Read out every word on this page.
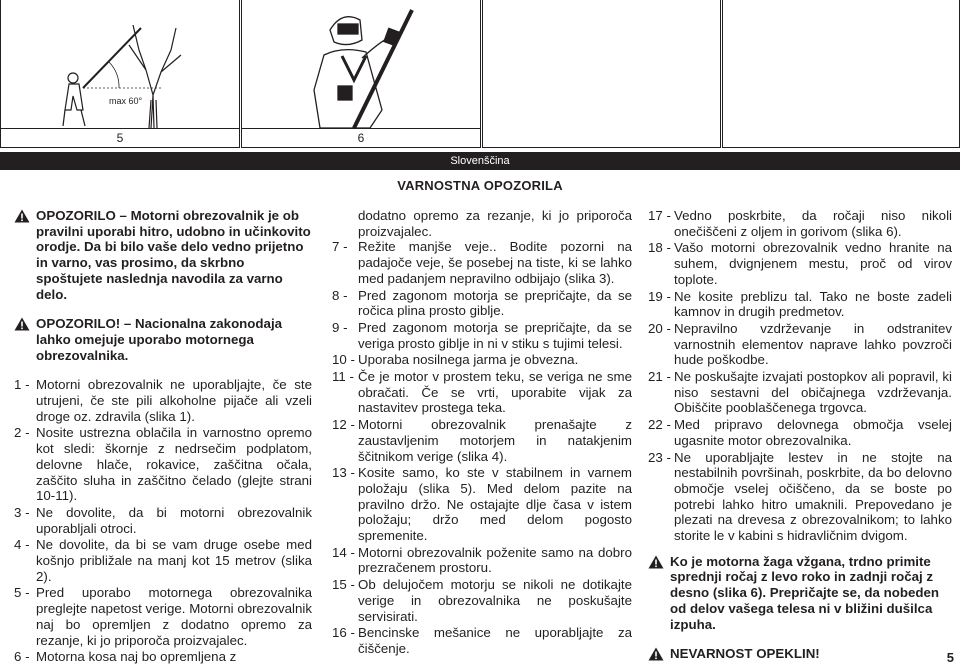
max 60°
5	6
Slovenščina
VARNOSTNA OPOZORILA
OPOZORILO – Motorni obrezovalnik je ob pravilni uporabi hitro, udobno in učinkovito orodje. Da bi bilo vaše delo vedno prijetno in varno, vas prosimo, da skrbno spoštujete naslednja navodila za varno delo.
OPOZORILO! – Nacionalna zakonodaja lahko omejuje uporabo motornega obrezovalnika.
1 - Motorni obrezovalnik ne uporabljajte, če ste utrujeni, če ste pili alkoholne pijače ali vzeli droge oz. zdravila (slika 1).
2 - Nosite ustrezna oblačila in varnostno opremo kot sledi: škornje z nedrsečim podplatom, delovne hlače, rokavice, zaščitna očala, zaščito sluha in zaščitno čelado (glejte strani 10-11).
3 - Ne dovolite, da bi motorni obrezovalnik uporabljali otroci.
4 - Ne dovolite, da bi se vam druge osebe med košnjo približale na manj kot 15 metrov (slika 2).
5 - Pred uporabo motornega obrezovalnika preglejte napetost verige. Motorni obrezovalnik naj bo opremljen z dodatno opremo za rezanje, ki jo priporoča proizvajalec.
6 - Motorna kosa naj bo opremljena z
dodatno opremo za rezanje, ki jo priporoča proizvajalec.
7 - Režite manjše veje.. Bodite pozorni na padajoče veje, še posebej na tiste, ki se lahko med padanjem nepravilno odbijajo (slika 3).
8 - Pred zagonom motorja se prepričajte, da se ročica plina prosto giblje.
9 - Pred zagonom motorja se prepričajte, da se veriga prosto giblje in ni v stiku s tujimi telesi.
10 - Uporaba nosilnega jarma je obvezna.
11 - Če je motor v prostem teku, se veriga ne sme obračati. Če se vrti, uporabite vijak za nastavitev prostega teka.
12 - Motorni obrezovalnik prenašajte z zaustavljenim motorjem in natakjenim ščitnikom verige (slika 4).
13 - Kosite samo, ko ste v stabilnem in varnem položaju (slika 5). Med delom pazite na pravilno držo. Ne ostajajte dlje časa v istem položaju; držo med delom pogosto spremenite.
14 - Motorni obrezovalnik poženite samo na dobro prezračenem prostoru.
15 - Ob delujočem motorju se nikoli ne dotikajte verige in obrezovalnika ne poskušajte servisirati.
16 - Bencinske mešanice ne uporabljajte za čiščenje.
17 - Vedno poskrbite, da ročaji niso nikoli onečiščeni z oljem in gorivom (slika 6).
18 - Vašo motorni obrezovalnik vedno hranite na suhem, dvignjenem mestu, proč od virov toplote.
19 - Ne kosite preblizu tal. Tako ne boste zadeli kamnov in drugih predmetov.
20 - Nepravilno vzdrževanje in odstranitev varnostnih elementov naprave lahko povzroči hude poškodbe.
21 - Ne poskušajte izvajati postopkov ali popravil, ki niso sestavni del običajnega vzdrževanja. Obiščite pooblaščenega trgovca.
22 - Med pripravo delovnega območja vselej ugasnite motor obrezovalnika.
23 - Ne uporabljajte lestev in ne stojte na nestabilnih površinah, poskrbite, da bo delovno območje vselej očiščeno, da se boste po potrebi lahko hitro umaknili. Prepovedano je plezati na drevesa z obrezovalnikom; to lahko storite le v kabini s hidravličnim dvigom.
Ko je motorna žaga vžgana, trdno primite sprednji ročaj z levo roko in zadnji ročaj z desno (slika 6). Prepričajte se, da nobeden od delov vašega telesa ni v bližini dušilca izpuha.
NEVARNOST OPEKLIN!	5
